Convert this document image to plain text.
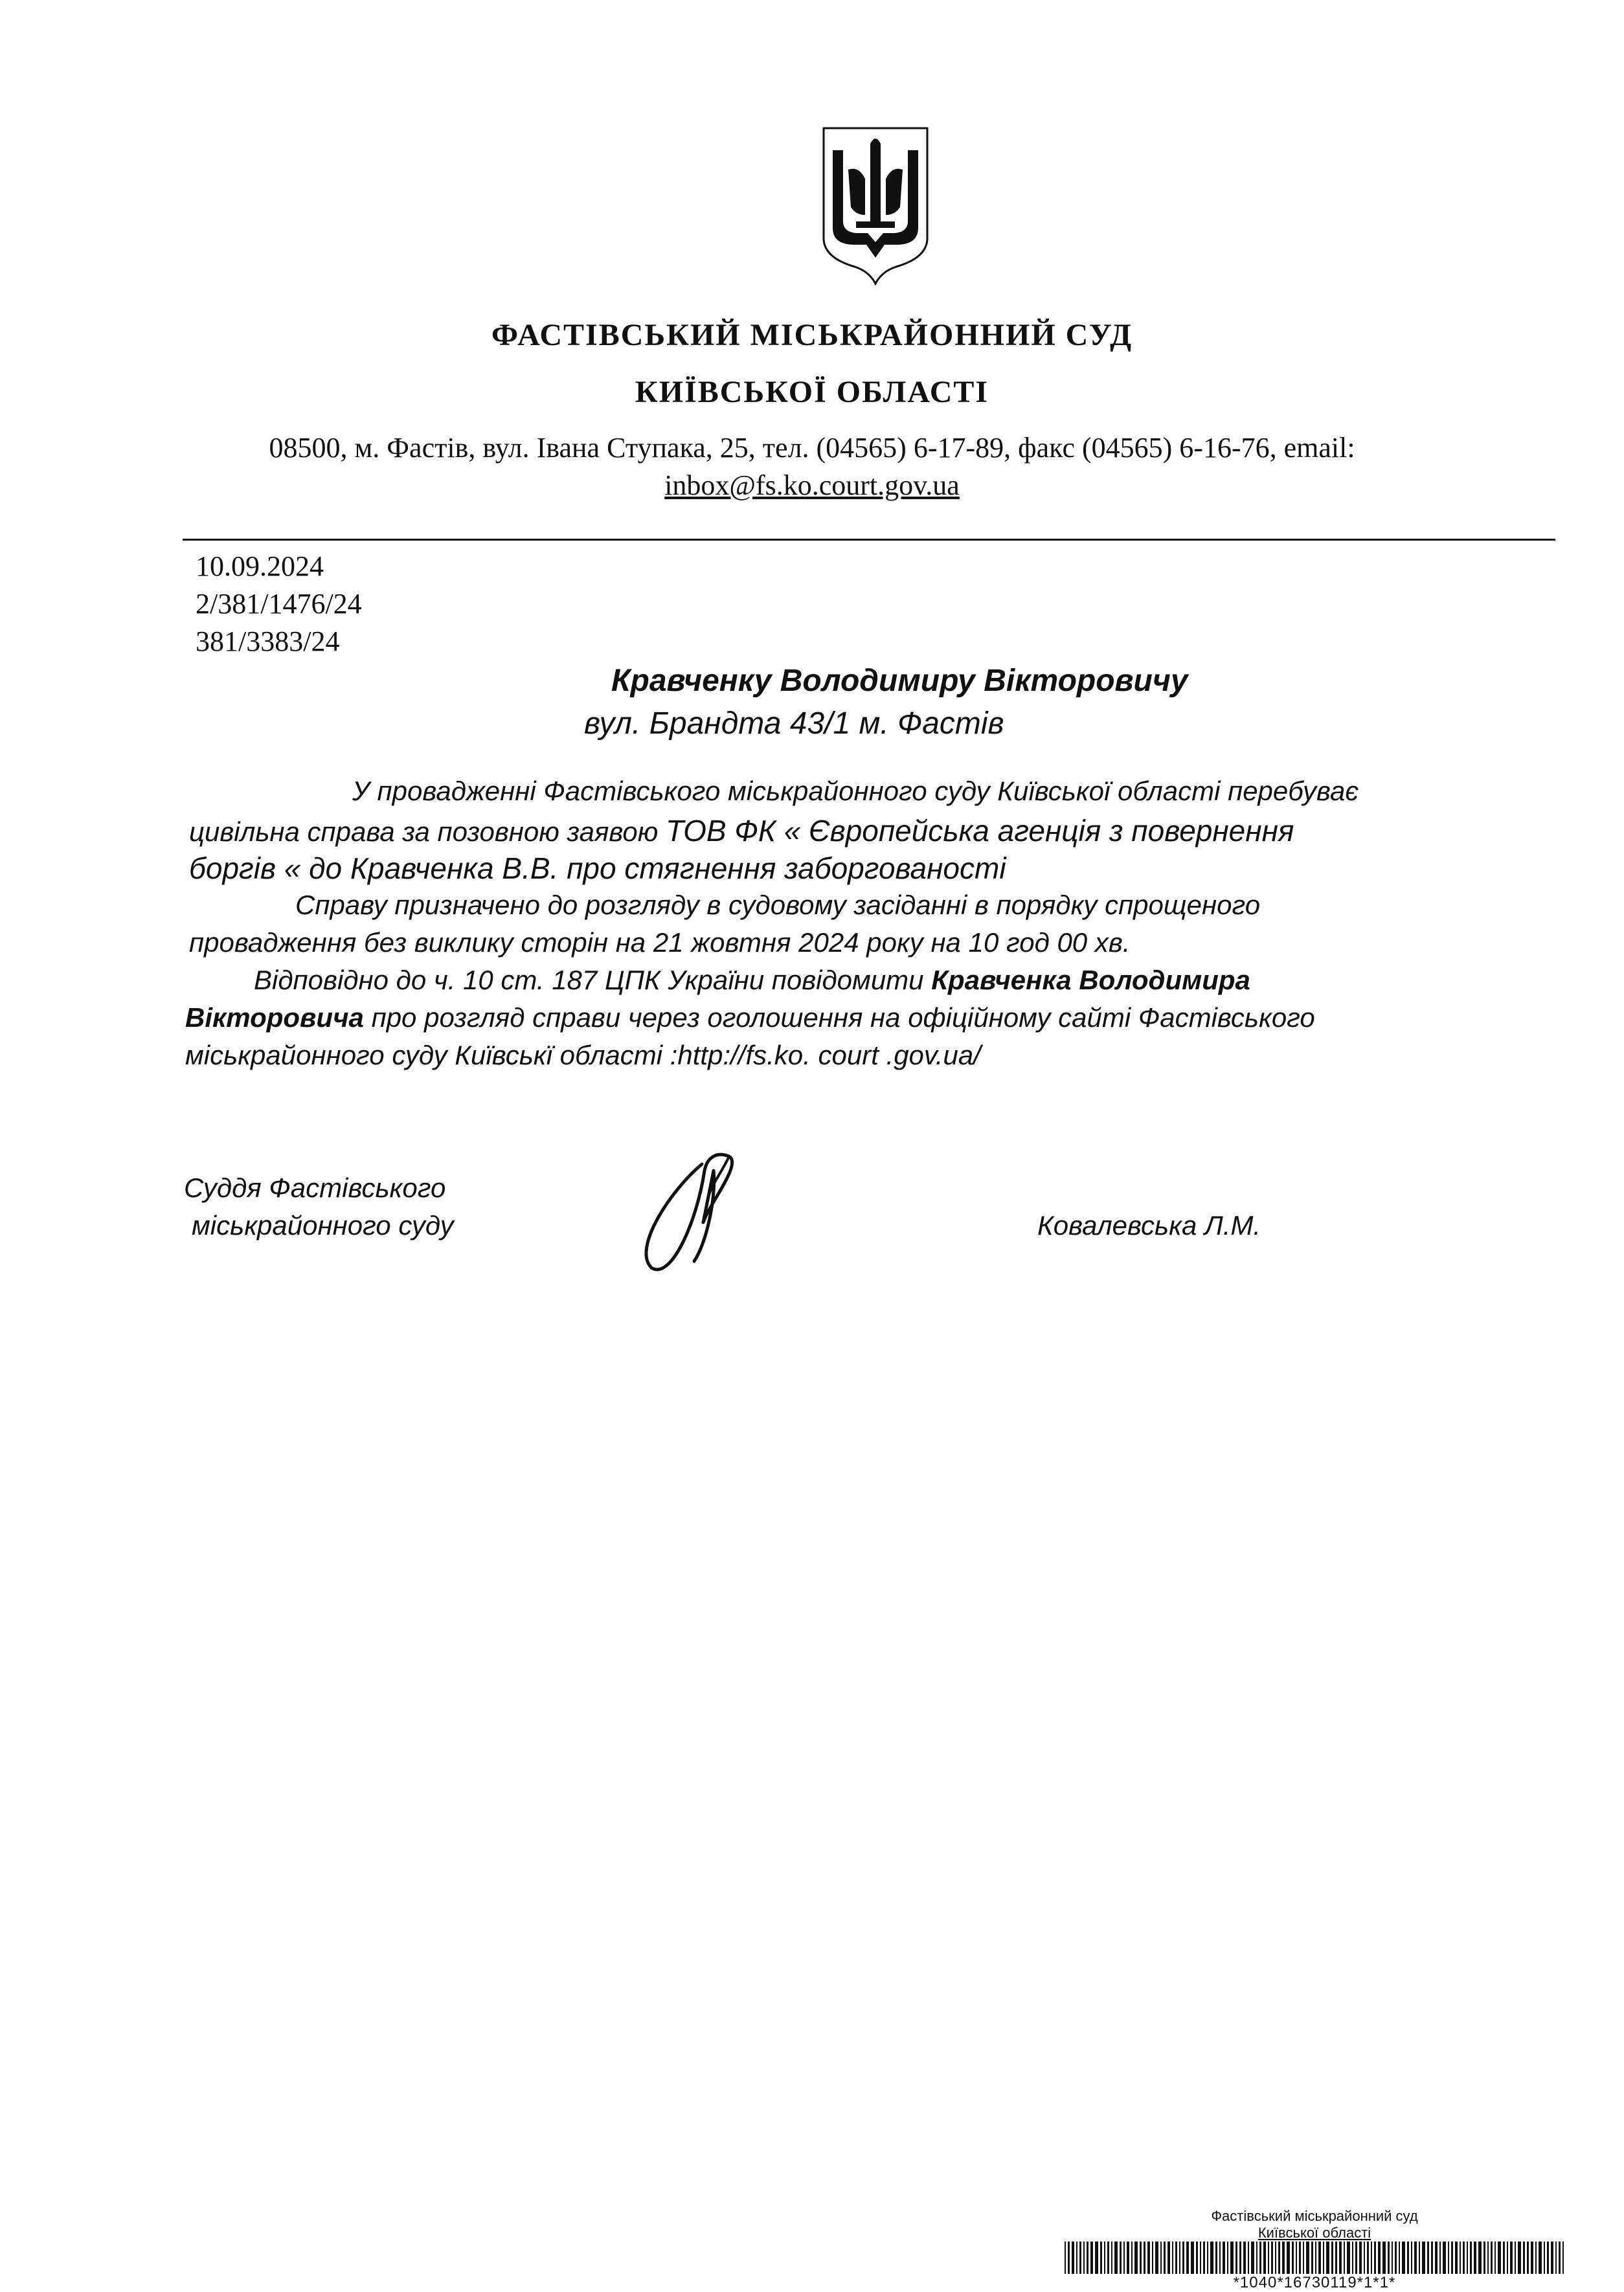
ФАСТІВСЬКИЙ МІСЬКРАЙОННИЙ СУД
КИЇВСЬКОЇ ОБЛАСТІ
08500, м. Фастів, вул. Івана Ступака, 25, тел. (04565) 6-17-89, факс (04565) 6-16-76, email:
inbox@fs.ko.court.gov.ua
10.09.2024
2/381/1476/24
381/3383/24
Кравченку Володимиру Вікторовичу
вул. Брандта 43/1 м. Фастів
У провадженні Фастівського міськрайонного суду Київської області перебуває
цивільна справа за позовною заявою ТОВ ФК « Європейська агенція з повернення
боргів « до Кравченка В.В. про стягнення заборгованості
Справу призначено до розгляду в судовому засіданні в порядку спрощеного
провадження без виклику сторін на 21 жовтня 2024 року на 10 год 00 хв.
Відповідно до ч. 10 ст. 187 ЦПК України повідомити Кравченка Володимира
Вікторовича про розгляд справи через оголошення на офіційному сайті Фастівського
міськрайонного суду Київськї області :http://fs.ko. court .gov.ua/
Суддя Фастівського
міськрайонного суду	Ковалевська Л.М.
Фастівський міськрайонний суд
Київської області
*1040*16730119*1*1*
